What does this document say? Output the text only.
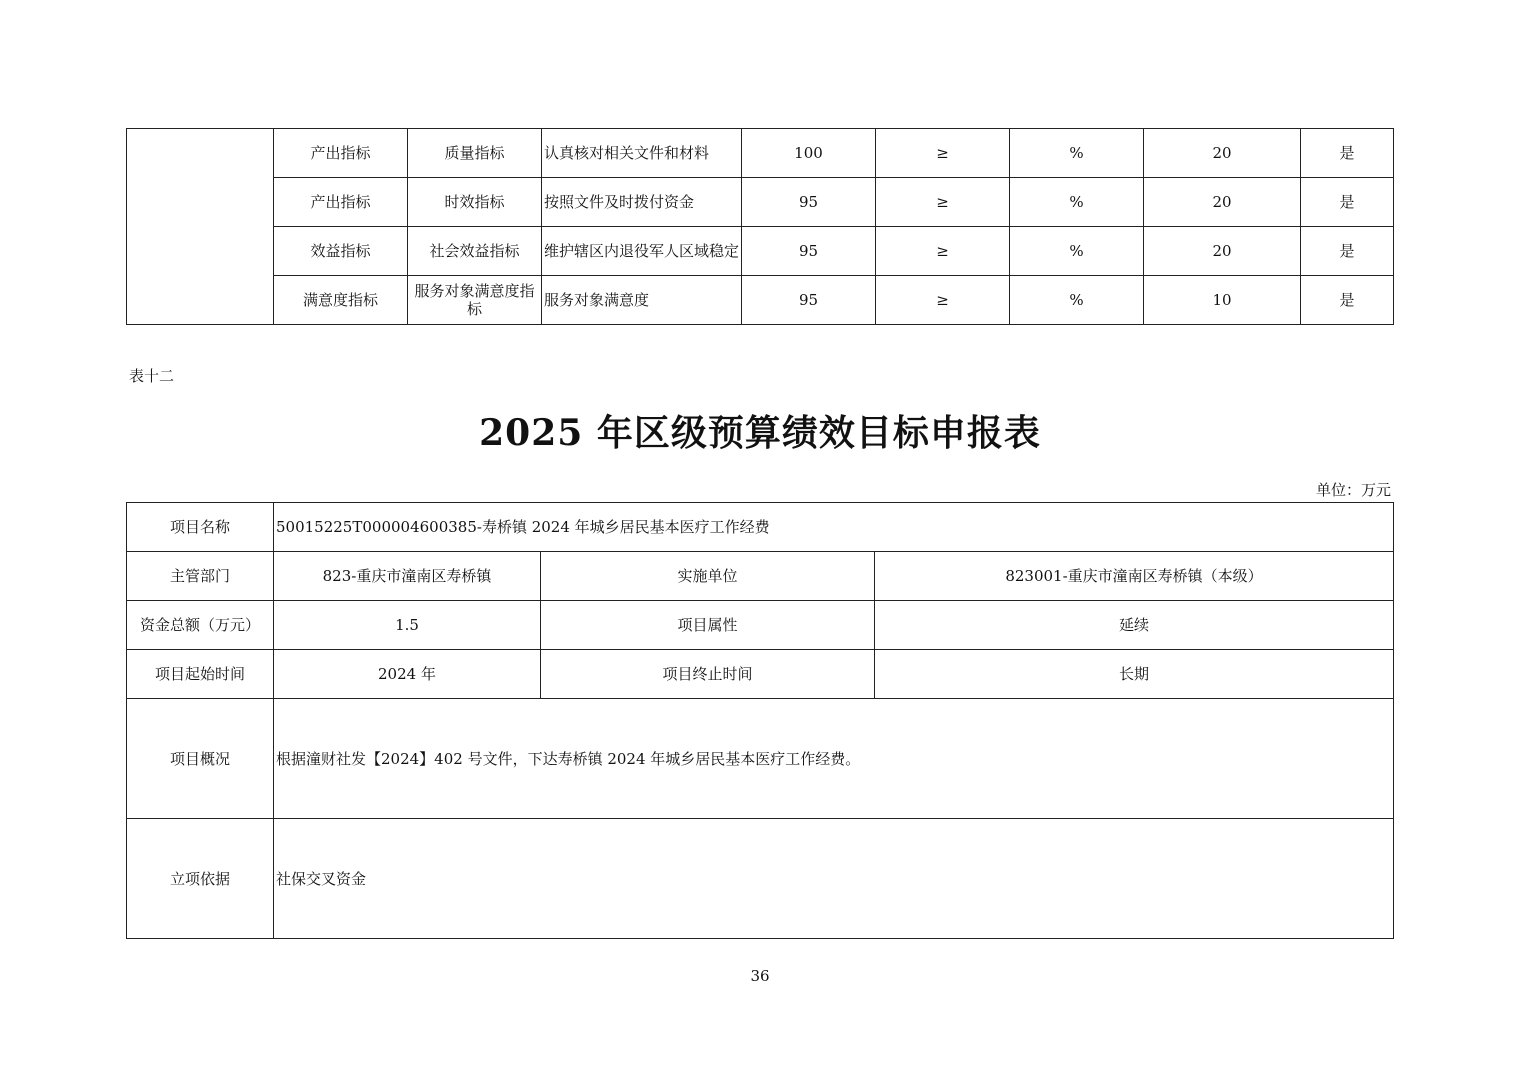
	产出指标	质量指标	认真核对相关文件和材料	100	≥	%	20	是
	产出指标	时效指标	按照文件及时拨付资金	95	≥	%	20	是
	效益指标	社会效益指标	维护辖区内退役军人区域稳定	95	≥	%	20	是
	满意度指标	服务对象满意度指标	服务对象满意度	95	≥	%	10	是
表十二
2025 年区级预算绩效目标申报表
单位：万元
项目名称	50015225T000004600385-寿桥镇 2024 年城乡居民基本医疗工作经费		
主管部门	823-重庆市潼南区寿桥镇	实施单位	823001-重庆市潼南区寿桥镇（本级）
资金总额（万元）	1.5	项目属性	延续
项目起始时间	2024 年	项目终止时间	长期
项目概况	根据潼财社发【2024】402 号文件，下达寿桥镇 2024 年城乡居民基本医疗工作经费。		
立项依据	社保交叉资金		
36
